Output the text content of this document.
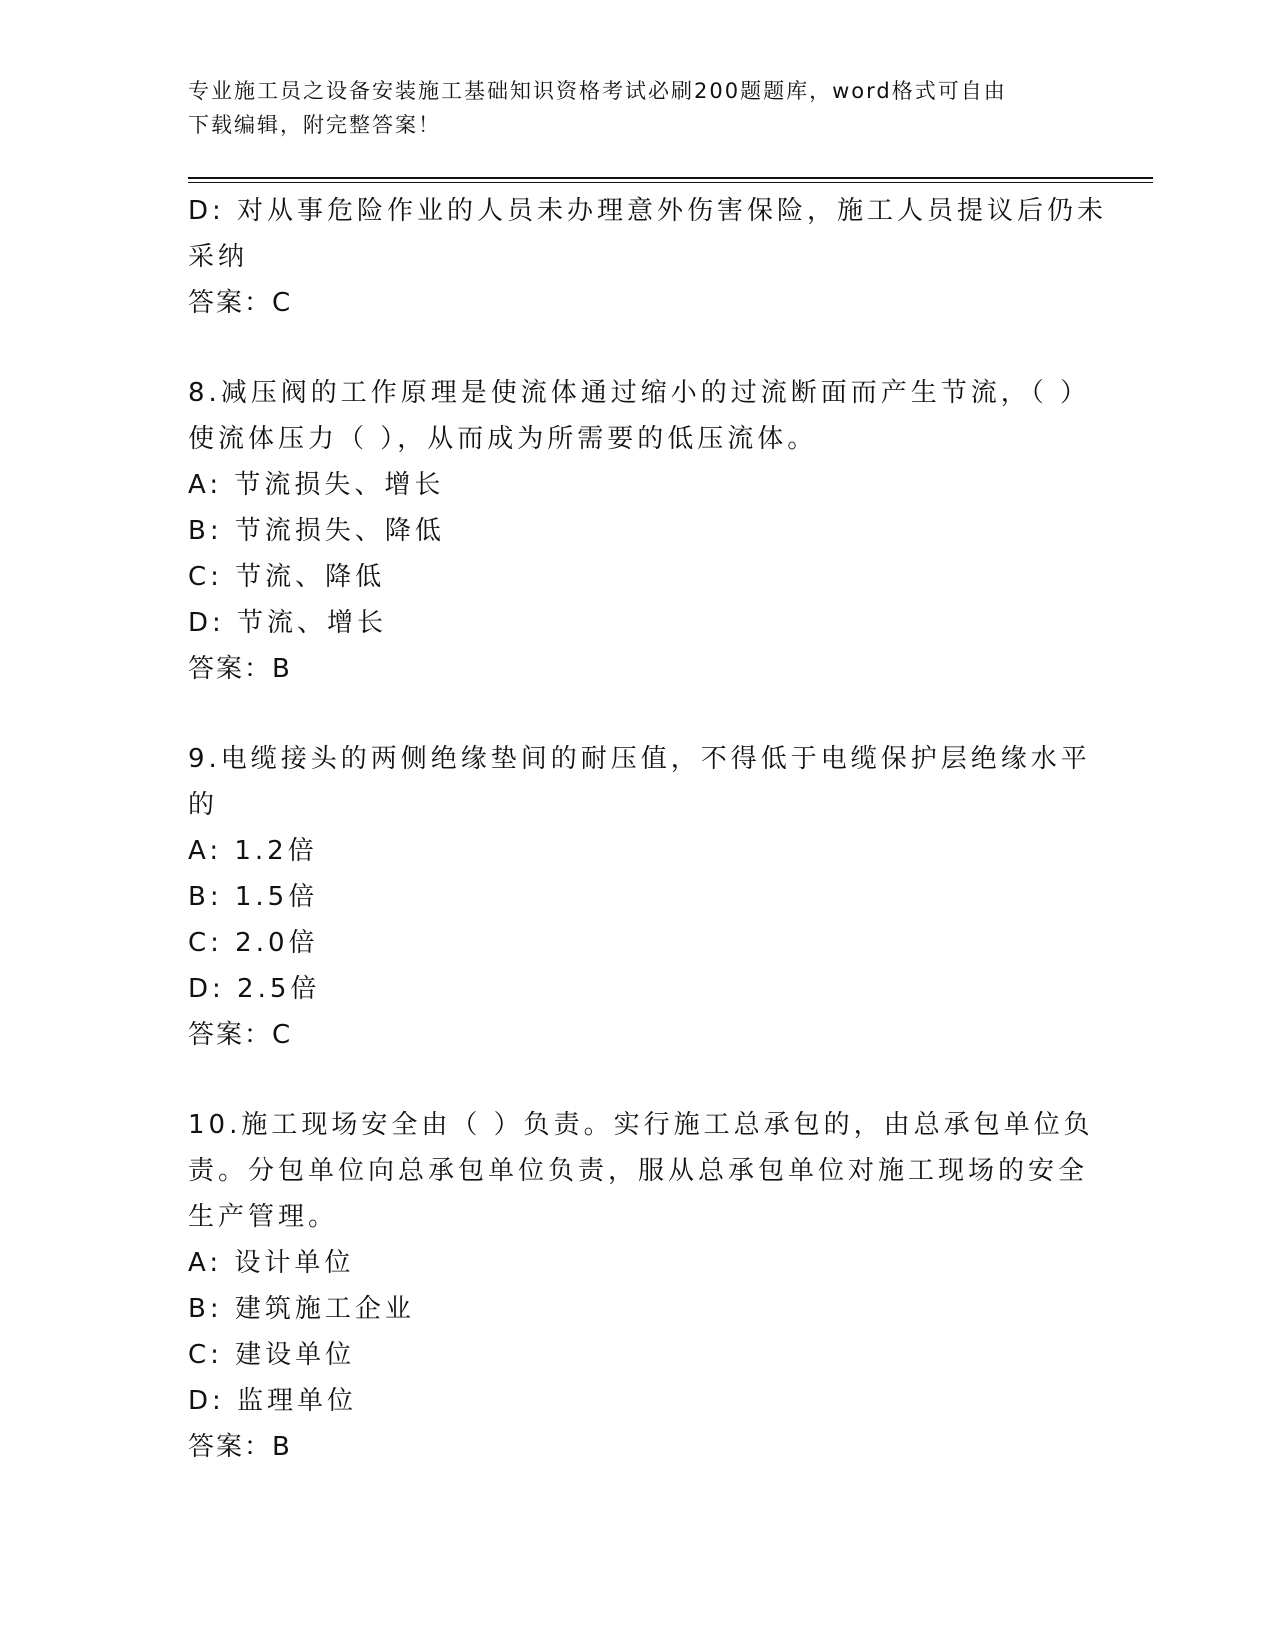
专业施工员之设备安装施工基础知识资格考试必刷200题题库，word格式可自由
下载编辑，附完整答案！
D: 对从事危险作业的人员未办理意外伤害保险，施工人员提议后仍未
采纳
答案：C
8.减压阀的工作原理是使流体通过缩小的过流断面而产生节流，（ ）
使流体压力（ ），从而成为所需要的低压流体。
A: 节流损失、增长
B: 节流损失、降低
C: 节流、降低
D: 节流、增长
答案：B
9.电缆接头的两侧绝缘垫间的耐压值，不得低于电缆保护层绝缘水平
的
A: 1.2倍
B: 1.5倍
C: 2.0倍
D: 2.5倍
答案：C
10.施工现场安全由（ ）负责。实行施工总承包的，由总承包单位负
责。分包单位向总承包单位负责，服从总承包单位对施工现场的安全
生产管理。
A: 设计单位
B: 建筑施工企业
C: 建设单位
D: 监理单位
答案：B
